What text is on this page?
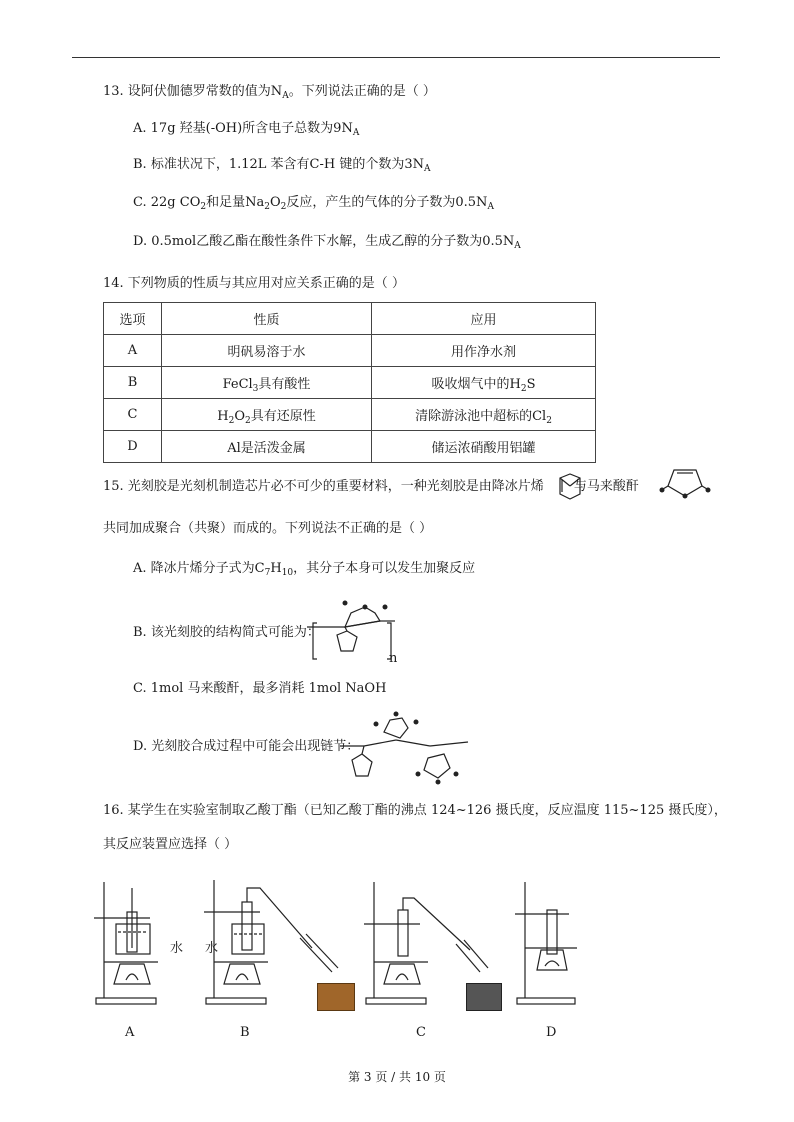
13. 设阿伏伽德罗常数的值为$N_A$。下列说法正确的是（ ）
A. 17g 羟基(-OH)所含电子总数为$9N_A$
B. 标准状况下，1.12L 苯含有C-H 键的个数为$3N_A$
C. 22g $CO_2$和足量$Na_2O_2$反应，产生的气体的分子数为$0.5N_A$
D. 0.5mol乙酸乙酯在酸性条件下水解，生成乙醇的分子数为$0.5N_A$
14. 下列物质的性质与其应用对应关系正确的是（ ）
选项	性质	应用
A	明矾易溶于水	用作净水剂
B	FeCl$_3$具有酸性	吸收烟气中的$H_2S$
C	$H_2O_2$具有还原性	清除游泳池中超标的$Cl_2$
D	Al是活泼金属	储运浓硝酸用铝罐
15. 光刻胶是光刻机制造芯片必不可少的重要材料，一种光刻胶是由降冰片烯 与马来酸酐
共同加成聚合（共聚）而成的。下列说法不正确的是（ ）
A. 降冰片烯分子式为$C_7H_{10}$，其分子本身可以发生加聚反应
B. 该光刻胶的结构简式可能为：
n
C. 1mol 马来酸酐，最多消耗 1mol NaOH
D. 光刻胶合成过程中可能会出现链节：
16. 某学生在实验室制取乙酸丁酯（已知乙酸丁酯的沸点 124~126 摄氏度，反应温度 115~125 摄氏度），
其反应装置应选择（ ）
水 水
A	B	C	D
第 3 页 / 共 10 页
